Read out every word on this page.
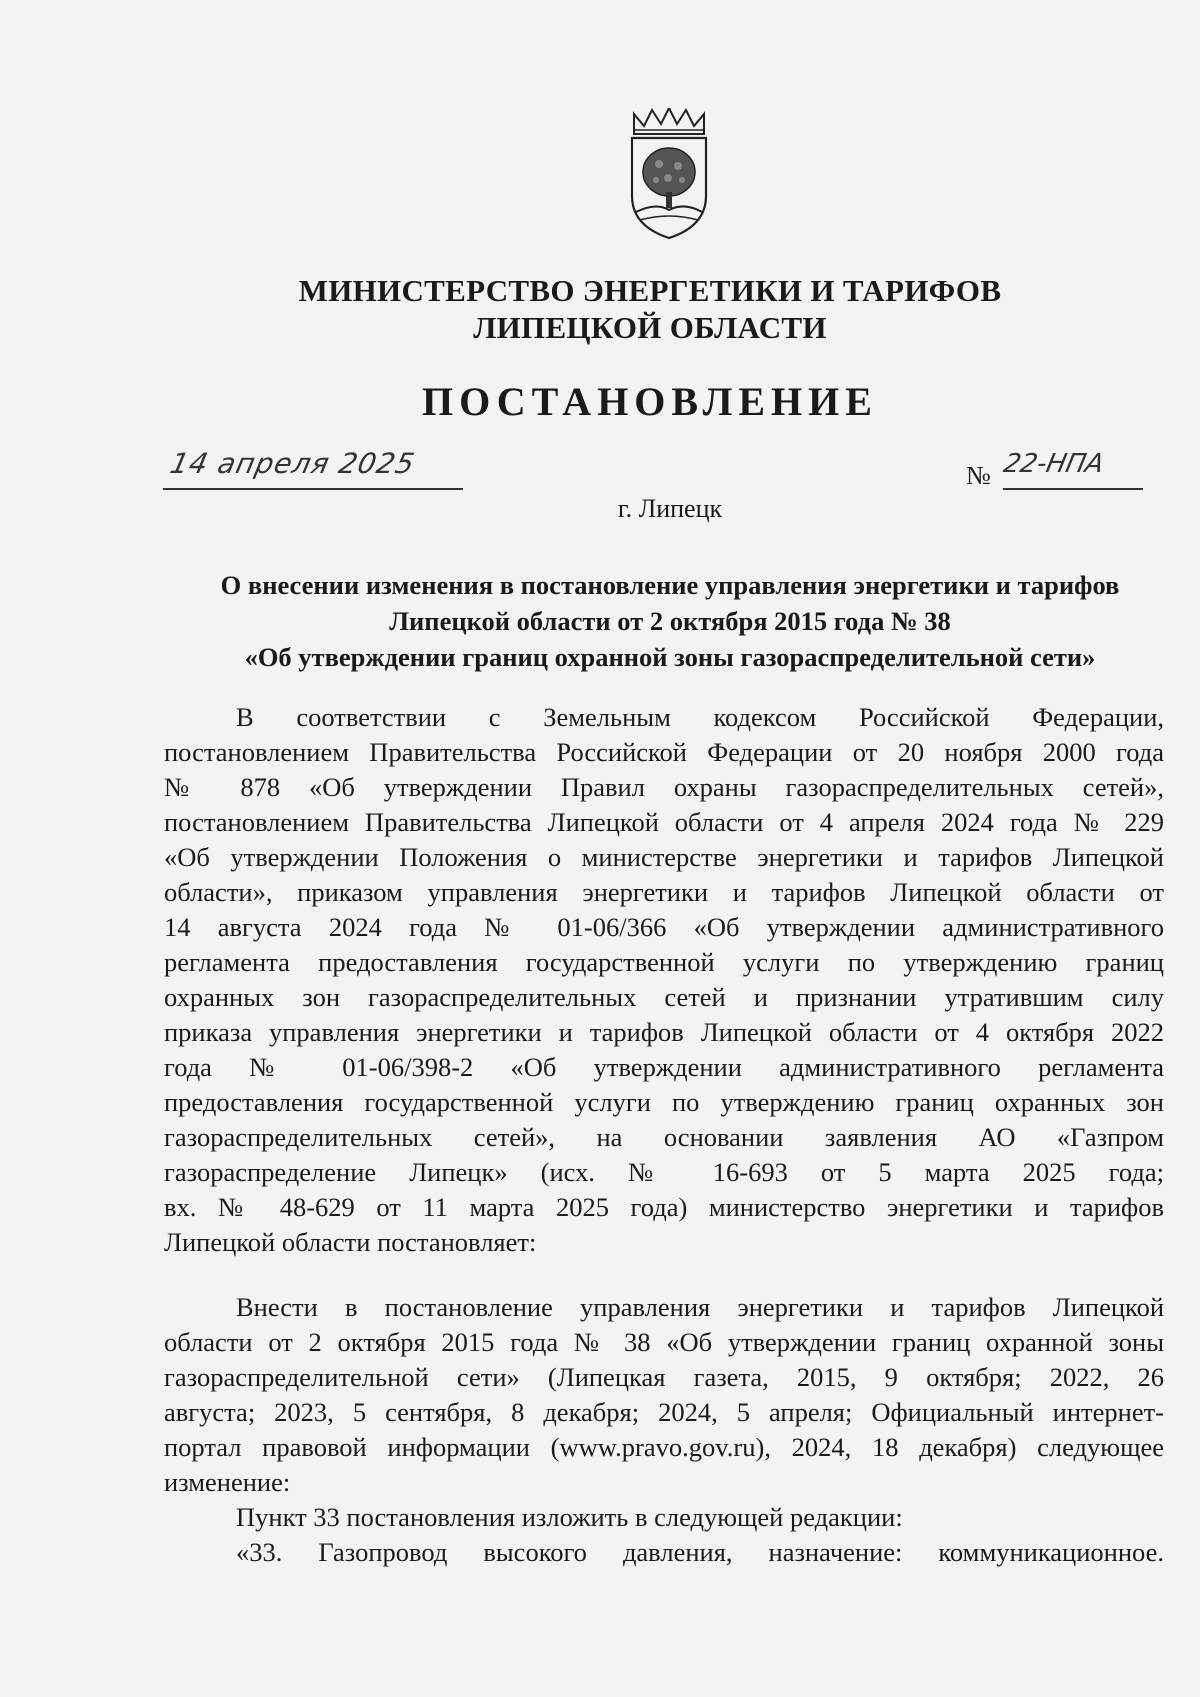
МИНИСТЕРСТВО ЭНЕРГЕТИКИ И ТАРИФОВ
ЛИПЕЦКОЙ ОБЛАСТИ
ПОСТАНОВЛЕНИЕ
14 апреля 2025	№ 22-НПА
г. Липецк
О внесении изменения в постановление управления энергетики и тарифов
Липецкой области от 2 октября 2015 года № 38
«Об утверждении границ охранной зоны газораспределительной сети»
В соответствии с Земельным кодексом Российской Федерации,
постановлением Правительства Российской Федерации от 20 ноября 2000 года
№ 878 «Об утверждении Правил охраны газораспределительных сетей»,
постановлением Правительства Липецкой области от 4 апреля 2024 года № 229
«Об утверждении Положения о министерстве энергетики и тарифов Липецкой
области», приказом управления энергетики и тарифов Липецкой области от
14 августа 2024 года № 01-06/366 «Об утверждении административного
регламента предоставления государственной услуги по утверждению границ
охранных зон газораспределительных сетей и признании утратившим силу
приказа управления энергетики и тарифов Липецкой области от 4 октября 2022
года № 01-06/398-2 «Об утверждении административного регламента
предоставления государственной услуги по утверждению границ охранных зон
газораспределительных сетей», на основании заявления АО «Газпром
газораспределение Липецк» (исх. № 16-693 от 5 марта 2025 года;
вх. № 48-629 от 11 марта 2025 года) министерство энергетики и тарифов
Липецкой области постановляет:
Внести в постановление управления энергетики и тарифов Липецкой
области от 2 октября 2015 года № 38 «Об утверждении границ охранной зоны
газораспределительной сети» (Липецкая газета, 2015, 9 октября; 2022, 26
августа; 2023, 5 сентября, 8 декабря; 2024, 5 апреля; Официальный интернет-
портал правовой информации (www.pravo.gov.ru), 2024, 18 декабря) следующее
изменение:
Пункт 33 постановления изложить в следующей редакции:
«33. Газопровод высокого давления, назначение: коммуникационное.
